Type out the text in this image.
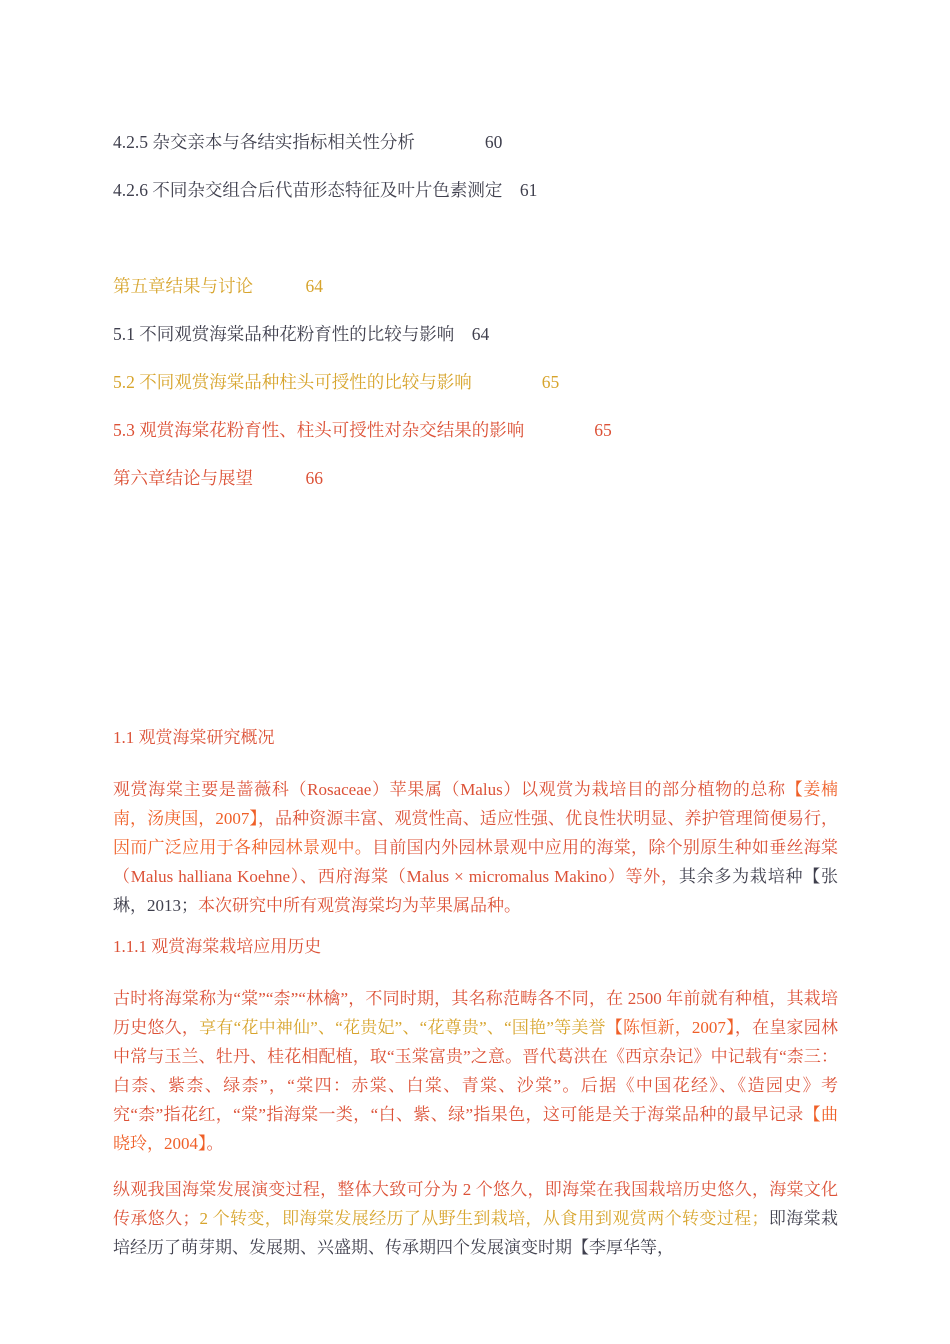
4.2.5 杂交亲本与各结实指标相关性分析　　　　	60

4.2.6 不同杂交组合后代苗形态特征及叶片色素测定　 61

第五章结果与讨论　　　	64

5.1 不同观赏海棠品种花粉育性的比较与影响　 64

5.2 不同观赏海棠品种柱头可授性的比较与影响　　　　	65

5.3 观赏海棠花粉育性、柱头可授性对杂交结果的影响　　　　	65

第六章结论与展望　　　	66

1.1 观赏海棠研究概况

观赏海棠主要是蔷薇科（Rosaceae）苹果属（Malus）以观赏为栽培目的部分植物的总称【姜楠南，汤庚国，2007】，品种资源丰富、观赏性高、适应性强、优良性状明显、养护管理简便易行，因而广泛应用于各种园林景观中。目前国内外园林景观中应用的海棠，除个别原生种如垂丝海棠（Malus halliana Koehne）、西府海棠（Malus × micromalus Makino）等外，其余多为栽培种【张琳，2013；本次研究中所有观赏海棠均为苹果属品种。

1.1.1 观赏海棠栽培应用历史

古时将海棠称为“棠”“柰”“林檎”，不同时期，其名称范畴各不同，在 2500 年前就有种植，其栽培历史悠久，享有“花中神仙”、“花贵妃”、“花尊贵”、“国艳”等美誉【陈恒新，2007】，在皇家园林中常与玉兰、牡丹、桂花相配植，取“玉棠富贵”之意。晋代葛洪在《西京杂记》中记载有“柰三：白柰、紫柰、绿柰”，“棠四：赤棠、白棠、青棠、沙棠”。后据《中国花经》、《造园史》考究“柰”指花红，“棠”指海棠一类，“白、紫、绿”指果色，这可能是关于海棠品种的最早记录【曲晓玲，2004】。

纵观我国海棠发展演变过程，整体大致可分为 2 个悠久，即海棠在我国栽培历史悠久，海棠文化传承悠久；2 个转变，即海棠发展经历了从野生到栽培，从食用到观赏两个转变过程；即海棠栽培经历了萌芽期、发展期、兴盛期、传承期四个发展演变时期【李厚华等，
